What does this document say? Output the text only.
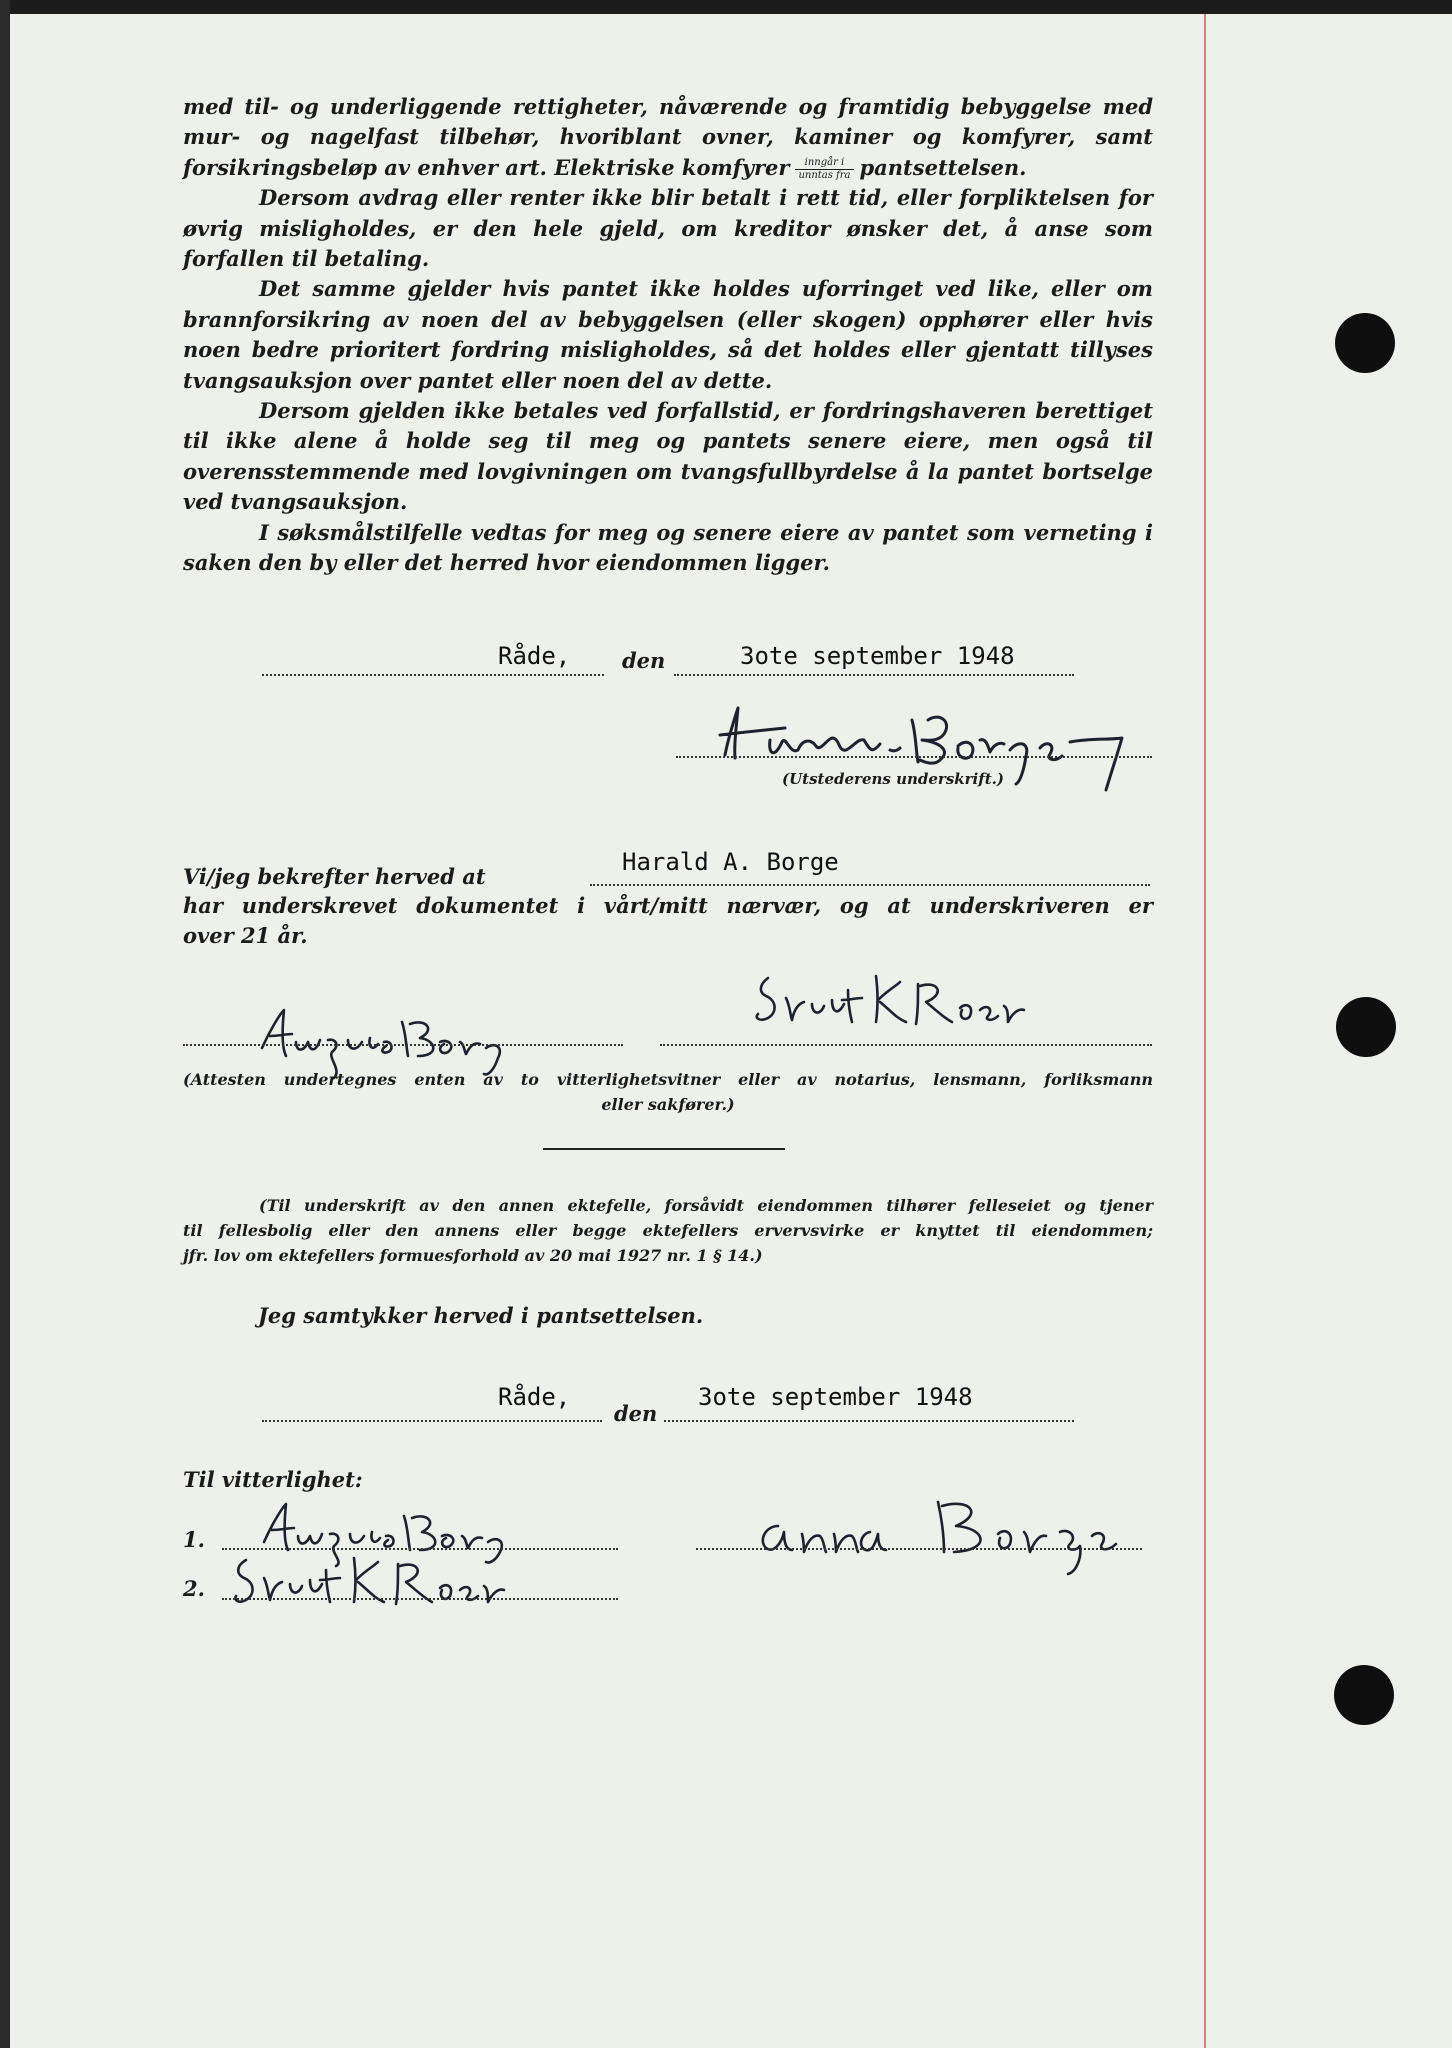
med til- og underliggende rettigheter, nåværende og framtidig bebyggelse med mur- og nagelfast tilbehør, hvoriblant ovner, kaminer og komfyrer, samt forsikringsbeløp av enhver art. Elektriske komfyrer $\frac{\text{inngår i}}{\text{unntas fra}}$ pantsettelsen.

Dersom avdrag eller renter ikke blir betalt i rett tid, eller forpliktelsen for øvrig misligholdes, er den hele gjeld, om kreditor ønsker det, å anse som forfallen til betaling.

Det samme gjelder hvis pantet ikke holdes uforringet ved like, eller om brannforsikring av noen del av bebyggelsen (eller skogen) opphører eller hvis noen bedre prioritert fordring misligholdes, så det holdes eller gjentatt tillyses tvangsauksjon over pantet eller noen del av dette.

Dersom gjelden ikke betales ved forfallstid, er fordringshaveren berettiget til ikke alene å holde seg til meg og pantets senere eiere, men også til overensstemmende med lovgivningen om tvangsfullbyrdelse å la pantet bortselge ved tvangsauksjon.

I søksmålstilfelle vedtas for meg og senere eiere av pantet som verneting i saken den by eller det herred hvor eiendommen ligger.

Råde, den	3ote september 1948
(Utstederens underskrift.)
Vi/jeg bekrefter herved at
Harald A. Borge
har underskrevet dokumentet i vårt/mitt nærvær, og at underskriveren er
over 21 år.

(Attesten undertegnes enten av to vitterlighetsvitner eller av notarius, lensmann, forliksmann

eller sakfører.)

(Til underskrift av den annen ektefelle, forsåvidt eiendommen tilhører felleseiet og tjener

til fellesbolig eller den annens eller begge ektefellers ervervsvirke er knyttet til eiendommen;

jfr. lov om ektefellers formuesforhold av 20 mai 1927 nr. 1 § 14.)

Jeg samtykker herved i pantsettelsen.
Råde,
den
3ote september 1948
Til vitterlighet:
1.
2.
